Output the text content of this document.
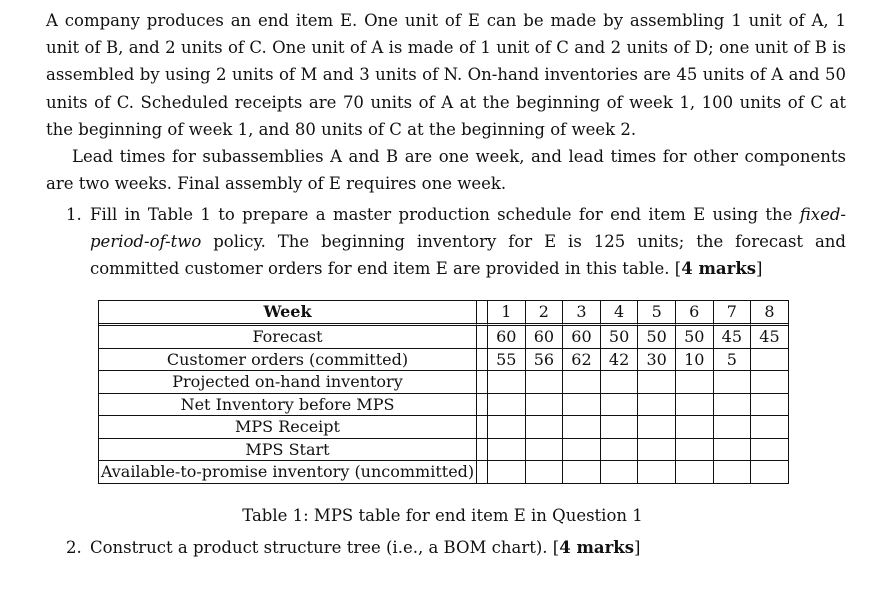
A company produces an end item E. One unit of E can be made by assembling 1 unit of A, 1 unit of B, and 2 units of C. One unit of A is made of 1 unit of C and 2 units of D; one unit of B is assembled by using 2 units of M and 3 units of N. On-hand inventories are 45 units of A and 50 units of C. Scheduled receipts are 70 units of A at the beginning of week 1, 100 units of C at the beginning of week 1, and 80 units of C at the beginning of week 2.

Lead times for subassemblies A and B are one week, and lead times for other components are two weeks. Final assembly of E requires one week.

1. Fill in Table 1 to prepare a master production schedule for end item E using the fixed-period-of-two policy. The beginning inventory for E is 125 units; the forecast and committed customer orders for end item E are provided in this table. [4 marks]
Week		1	2	3	4	5	6	7	8
Forecast		60	60	60	50	50	50	45	45
Customer orders (committed)		55	56	62	42	30	10	5	
Projected on-hand inventory									
Net Inventory before MPS									
MPS Receipt									
MPS Start									
Available-to-promise inventory (uncommitted)									
Table 1: MPS table for end item E in Question 1
2. Construct a product structure tree (i.e., a BOM chart). [4 marks]
